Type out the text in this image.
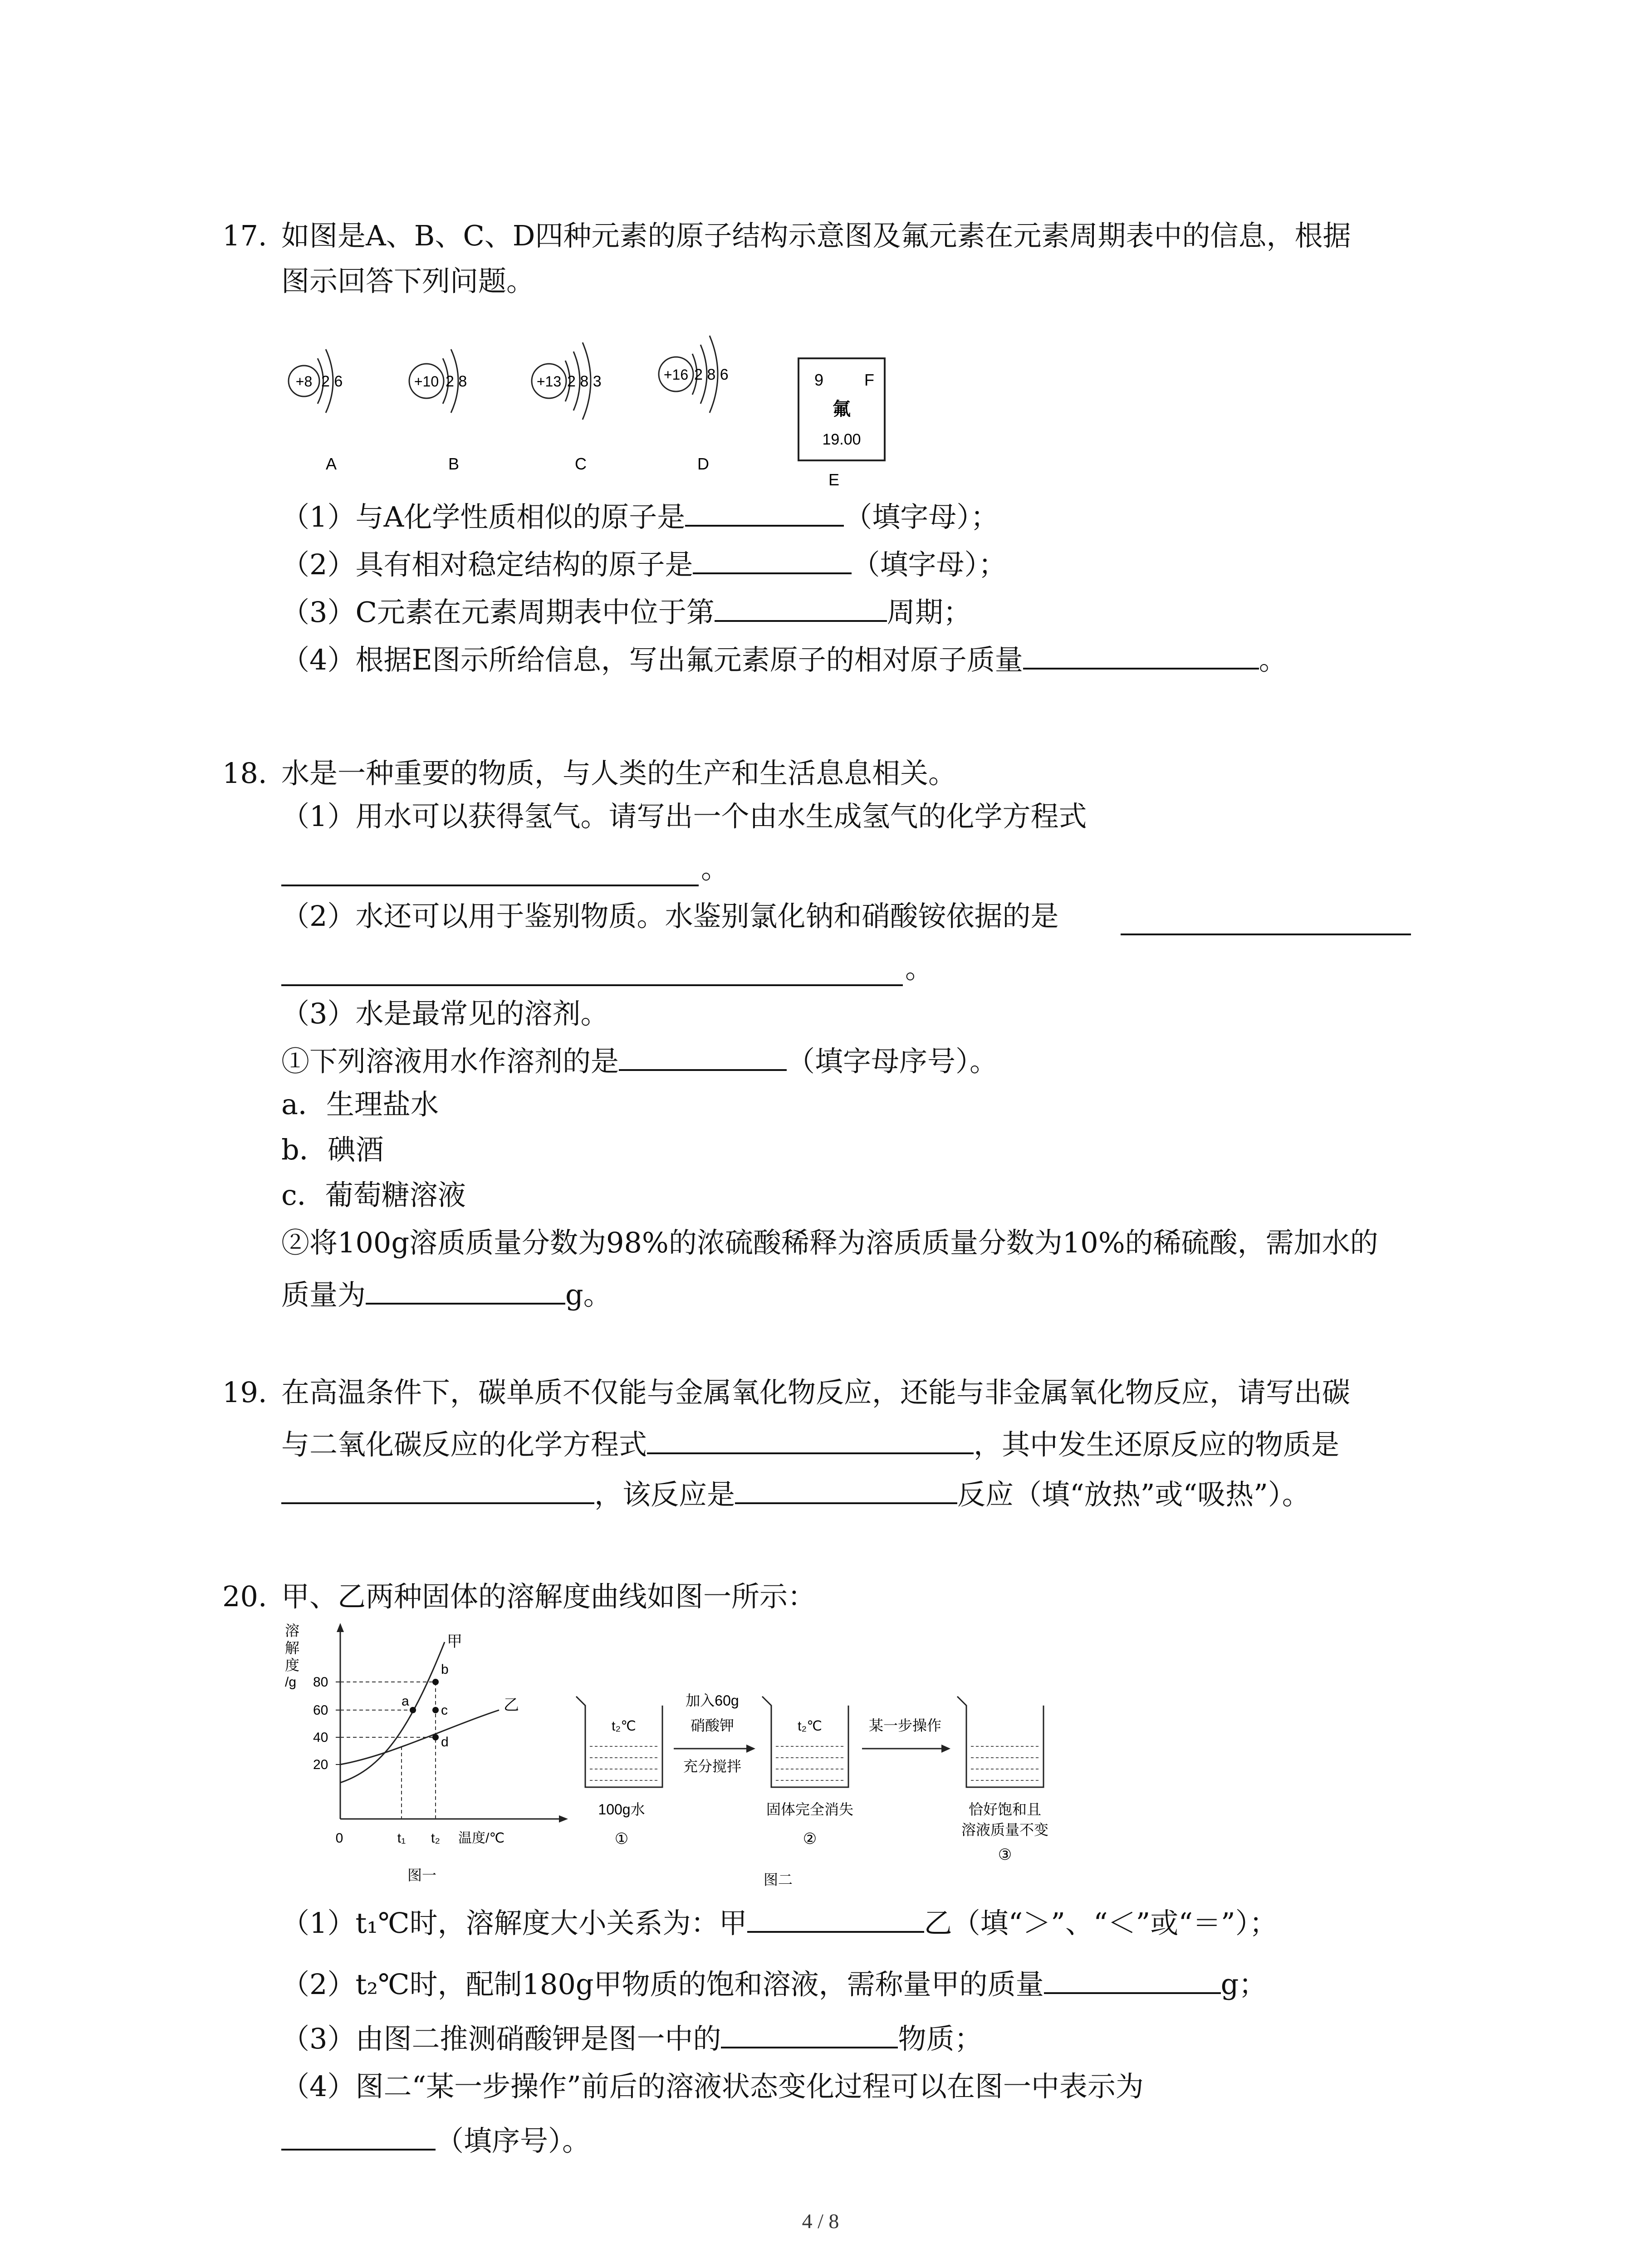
17. 如图是A、B、C、D四种元素的原子结构示意图及氟元素在元素周期表中的信息，根据
图示回答下列问题。
+8 2 6
A
+10 2 8
B
+13 2 8 3
C
+16 2 8 6
D
9 F
氟
19.00
E
（1）与A化学性质相似的原子是	（填字母）；
（2）具有相对稳定结构的原子是	（填字母）；
（3）C元素在元素周期表中位于第	周期；
（4）根据E图示所给信息，写出氟元素原子的相对原子质量	。
18. 水是一种重要的物质，与人类的生产和生活息息相关。
（1）用水可以获得氢气。请写出一个由水生成氢气的化学方程式
。
（2）水还可以用于鉴别物质。水鉴别氯化钠和硝酸铵依据的是
。
（3）水是最常见的溶剂。
①下列溶液用水作溶剂的是	（填字母序号）。
a．生理盐水
b．碘酒
c．葡萄糖溶液
②将100g溶质质量分数为98%的浓硫酸稀释为溶质质量分数为10%的稀硫酸，需加水的
质量为	g。
19. 在高温条件下，碳单质不仅能与金属氧化物反应，还能与非金属氧化物反应，请写出碳
与二氧化碳反应的化学方程式	，其中发生还原反应的物质是
，该反应是	反应（填“放热”或“吸热”）。
20. 甲、乙两种固体的溶解度曲线如图一所示：
溶
解
度
/g 80
60
40
20
甲
乙
a
b
c
d
0	t₁ t₂ 温度/℃
图一
t₂℃
100g水
①
加入60g
硝酸钾
充分搅拌
t₂℃
固体完全消失
②
某一步操作
恰好饱和且
溶液质量不变
③
图二
（1）t₁℃时，溶解度大小关系为：甲	乙（填“＞”、“＜”或“＝”）；
（2）t₂℃时，配制180g甲物质的饱和溶液，需称量甲的质量	g；
（3）由图二推测硝酸钾是图一中的	物质；
（4）图二“某一步操作”前后的溶液状态变化过程可以在图一中表示为
（填序号）。
4 / 8
